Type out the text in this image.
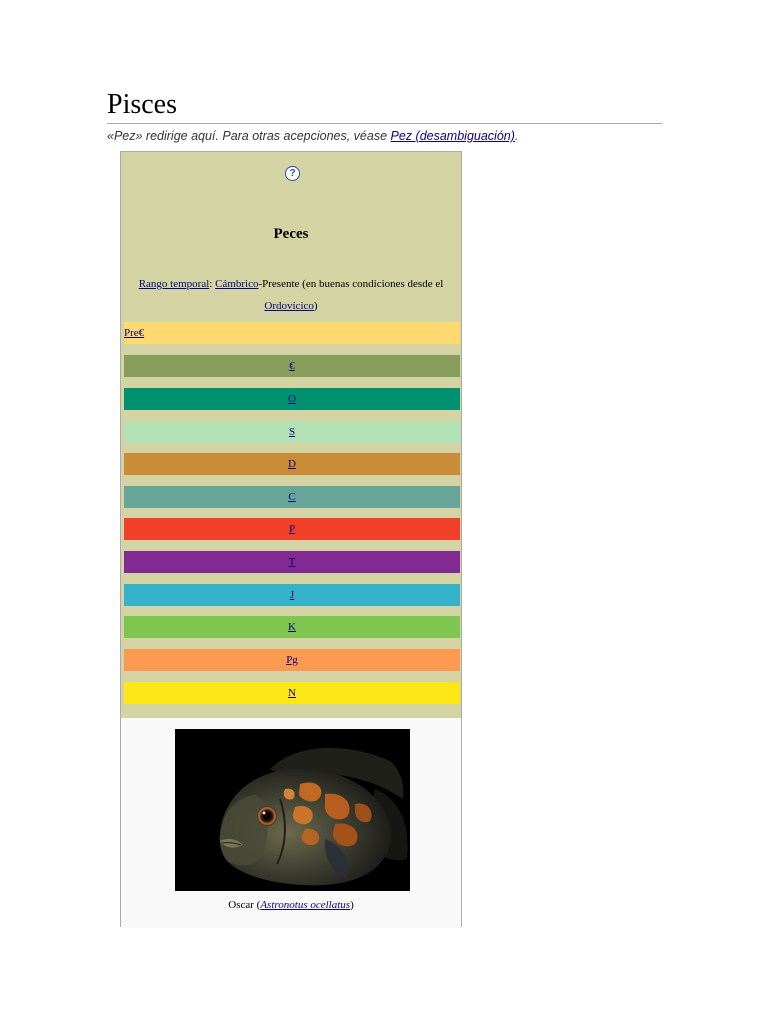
Pisces
«Pez» redirige aquí. Para otras acepciones, véase Pez (desambiguación).
?
Peces
Rango temporal: Cámbrico-Presente (en buenas condiciones desde el Ordovícico)
Pre€
€
O
S
D
C
P
T
J
K
Pg
N
Oscar (Astronotus ocellatus)
